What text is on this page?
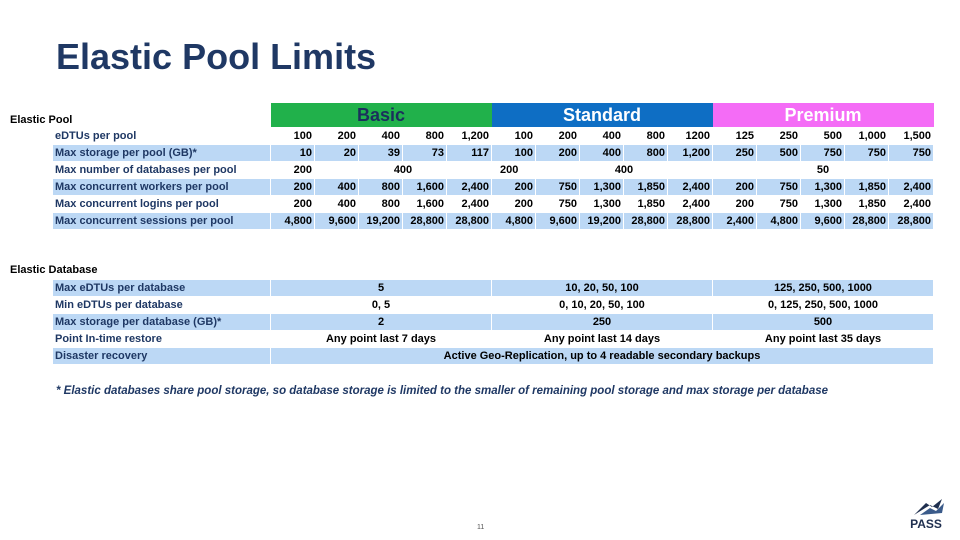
Elastic Pool Limits
Elastic Pool
		Basic					Standard					Premium				
eDTUs per pool	100	200	400	800	1,200	100	200	400	800	1200	125	250	500	1,000	1,500
Max storage per pool (GB)*	10	20	39	73	117	100	200	400	800	1,200	250	500	750	750	750
Max number of databases per pool	200	400				200	400				50				
Max concurrent workers per pool	200	400	800	1,600	2,400	200	750	1,300	1,850	2,400	200	750	1,300	1,850	2,400
Max concurrent logins per pool	200	400	800	1,600	2,400	200	750	1,300	1,850	2,400	200	750	1,300	1,850	2,400
Max concurrent sessions per pool	4,800	9,600	19,200	28,800	28,800	4,800	9,600	19,200	28,800	28,800	2,400	4,800	9,600	28,800	28,800
Elastic Database
Max eDTUs per database	5	10, 20, 50, 100	125, 250, 500, 1000
Min eDTUs per database	0, 5	0, 10, 20, 50, 100	0, 125, 250, 500, 1000
Max storage per database (GB)*	2	250	500
Point In-time restore	Any point last 7 days	Any point last 14 days	Any point last 35 days
Disaster recovery	Active Geo-Replication, up to 4 readable secondary backups		
* Elastic databases share pool storage, so database storage is limited to the smaller of remaining pool storage and max storage per database
11	PASS
